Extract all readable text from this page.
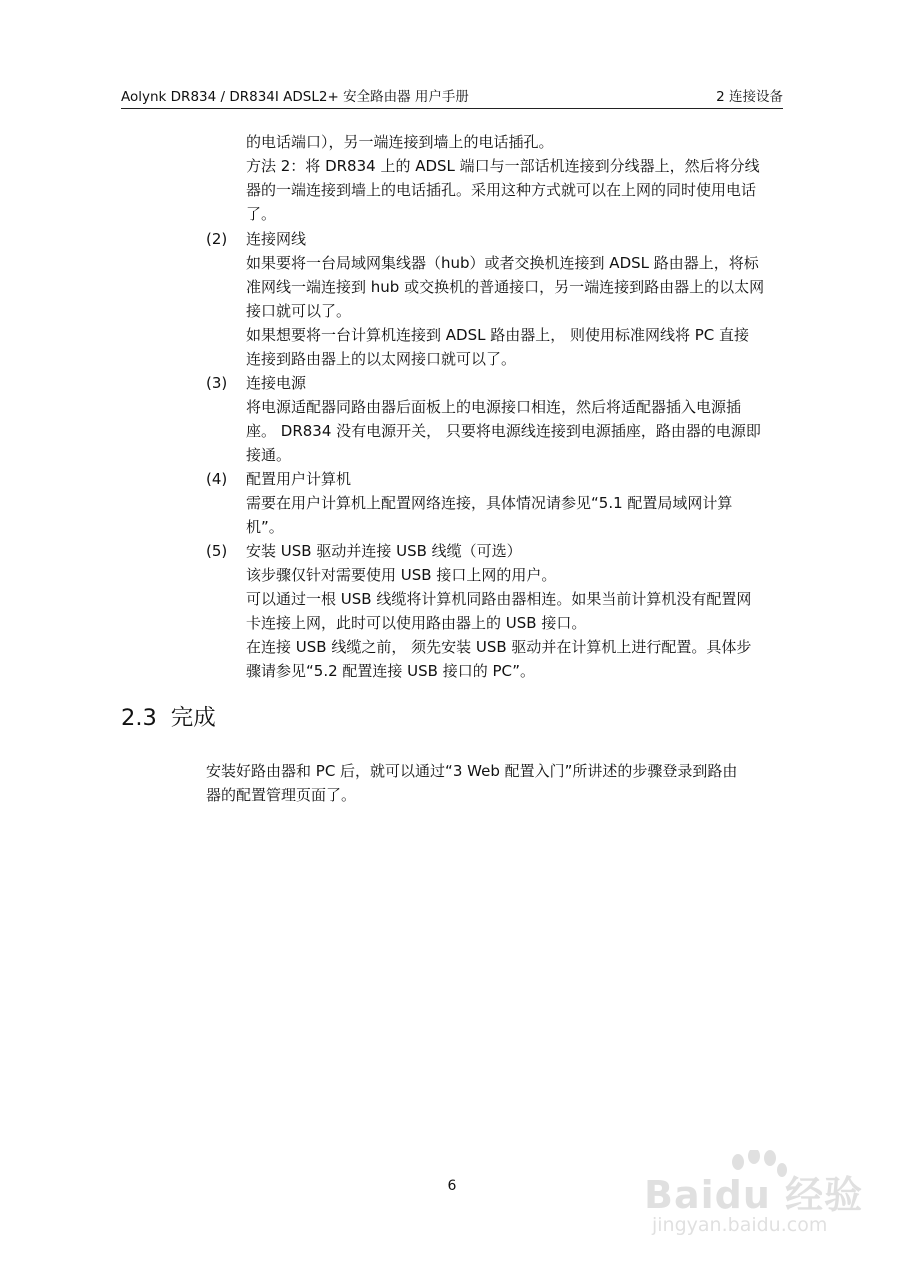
Aolynk DR834 / DR834I ADSL2+ 安全路由器 用户手册	2 连接设备
的电话端口），另一端连接到墙上的电话插孔。
方法 2：将 DR834 上的 ADSL 端口与一部话机连接到分线器上，然后将分线
器的一端连接到墙上的电话插孔。采用这种方式就可以在上网的同时使用电话
了。
(2) 连接网线
如果要将一台局域网集线器（hub）或者交换机连接到 ADSL 路由器上，将标
准网线一端连接到 hub 或交换机的普通接口，另一端连接到路由器上的以太网
接口就可以了。
如果想要将一台计算机连接到 ADSL 路由器上， 则使用标准网线将 PC 直接
连接到路由器上的以太网接口就可以了。
(3) 连接电源
将电源适配器同路由器后面板上的电源接口相连，然后将适配器插入电源插
座。 DR834 没有电源开关， 只要将电源线连接到电源插座，路由器的电源即
接通。
(4) 配置用户计算机
需要在用户计算机上配置网络连接，具体情况请参见“5.1 配置局域网计算
机”。
(5) 安装 USB 驱动并连接 USB 线缆（可选）
该步骤仅针对需要使用 USB 接口上网的用户。
可以通过一根 USB 线缆将计算机同路由器相连。如果当前计算机没有配置网
卡连接上网，此时可以使用路由器上的 USB 接口。
在连接 USB 线缆之前， 须先安装 USB 驱动并在计算机上进行配置。具体步
骤请参见“5.2 配置连接 USB 接口的 PC”。
2.3 完成
安装好路由器和 PC 后，就可以通过“3 Web 配置入门”所讲述的步骤登录到路由
器的配置管理页面了。
6	Baidu 经验
jingyan.baidu.com
